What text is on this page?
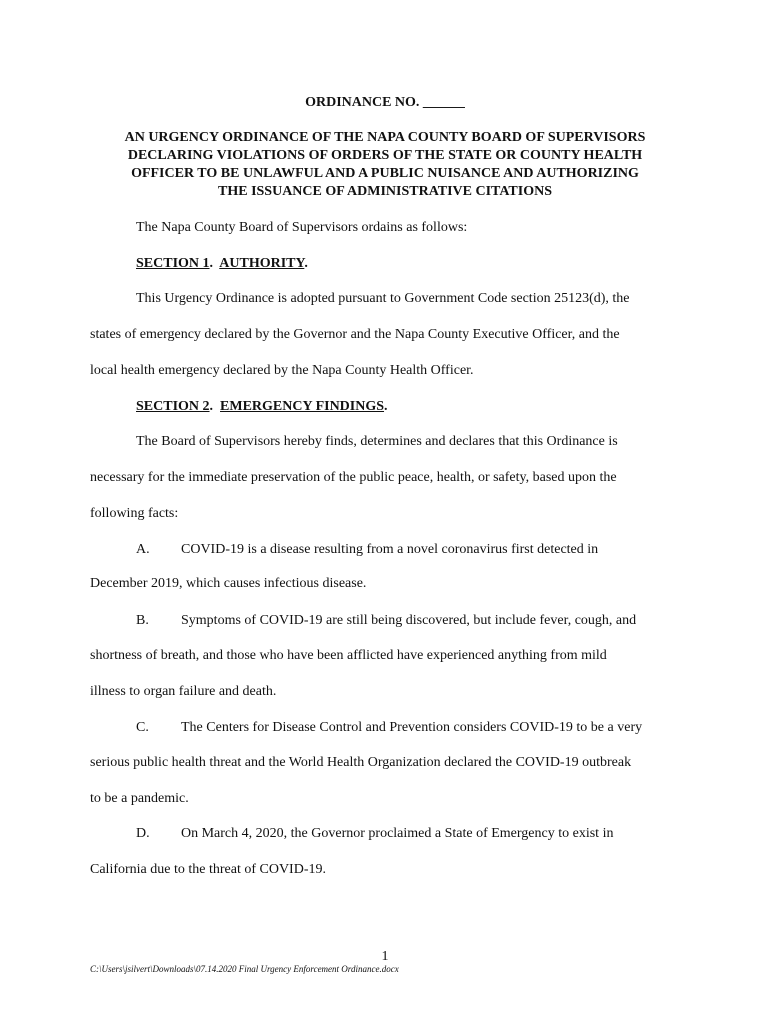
ORDINANCE NO. ______
AN URGENCY ORDINANCE OF THE NAPA COUNTY BOARD OF SUPERVISORS
DECLARING VIOLATIONS OF ORDERS OF THE STATE OR COUNTY HEALTH
OFFICER TO BE UNLAWFUL AND A PUBLIC NUISANCE AND AUTHORIZING
THE ISSUANCE OF ADMINISTRATIVE CITATIONS
The Napa County Board of Supervisors ordains as follows:
SECTION 1.  AUTHORITY.
This Urgency Ordinance is adopted pursuant to Government Code section 25123(d), the
states of emergency declared by the Governor and the Napa County Executive Officer, and the
local health emergency declared by the Napa County Health Officer.
SECTION 2.  EMERGENCY FINDINGS.
The Board of Supervisors hereby finds, determines and declares that this Ordinance is
necessary for the immediate preservation of the public peace, health, or safety, based upon the
following facts:
A. COVID-19 is a disease resulting from a novel coronavirus first detected in
December 2019, which causes infectious disease.
B. Symptoms of COVID-19 are still being discovered, but include fever, cough, and
shortness of breath, and those who have been afflicted have experienced anything from mild
illness to organ failure and death.
C. The Centers for Disease Control and Prevention considers COVID-19 to be a very
serious public health threat and the World Health Organization declared the COVID-19 outbreak
to be a pandemic.
D. On March 4, 2020, the Governor proclaimed a State of Emergency to exist in
California due to the threat of COVID-19.
1
C:\Users\jsilvert\Downloads\07.14.2020 Final Urgency Enforcement Ordinance.docx
